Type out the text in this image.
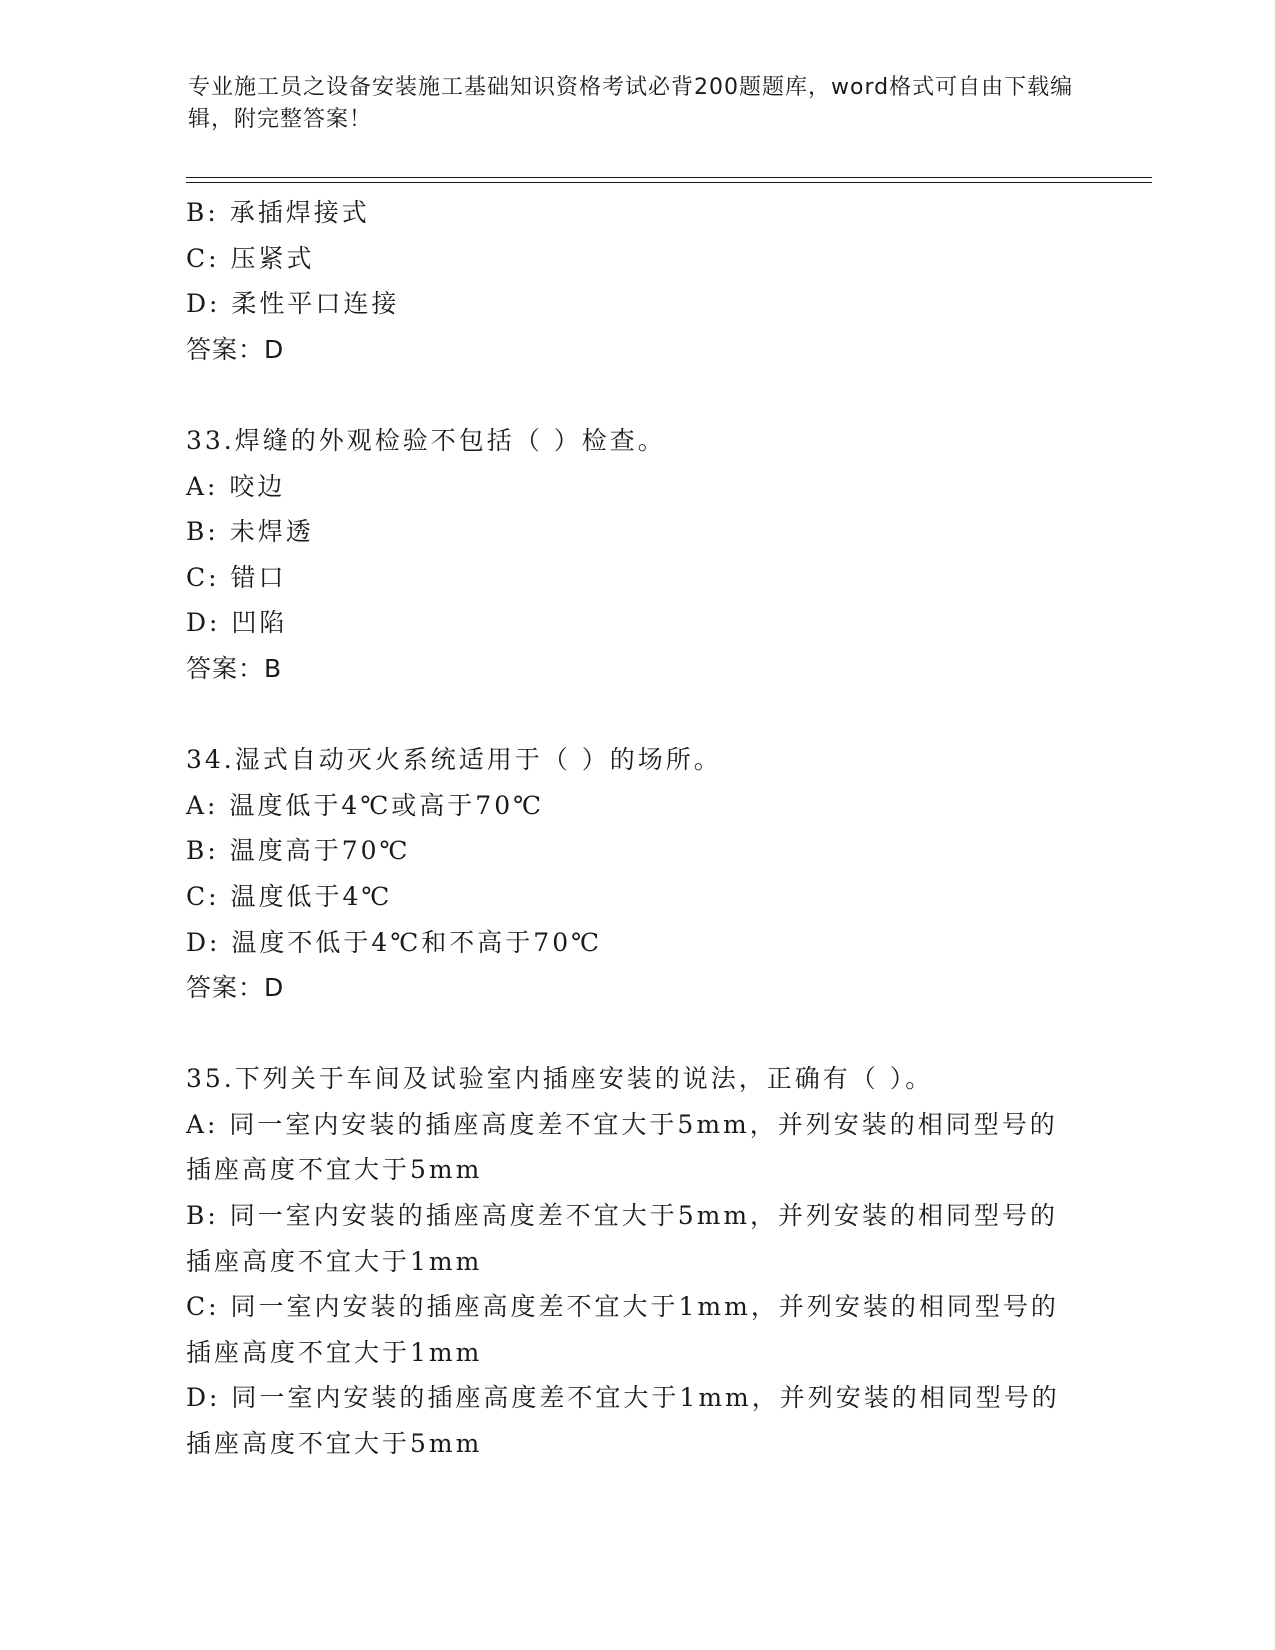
专业施工员之设备安装施工基础知识资格考试必背200题题库，word格式可自由下载编辑，附完整答案！
B: 承插焊接式
C: 压紧式
D: 柔性平口连接
答案：D
33.焊缝的外观检验不包括（ ）检查。
A: 咬边
B: 未焊透
C: 错口
D: 凹陷
答案：B
34.湿式自动灭火系统适用于（ ）的场所。
A: 温度低于4℃或高于70℃
B: 温度高于70℃
C: 温度低于4℃
D: 温度不低于4℃和不高于70℃
答案：D
35.下列关于车间及试验室内插座安装的说法，正确有（ ）。
A: 同一室内安装的插座高度差不宜大于5mm，并列安装的相同型号的
插座高度不宜大于5mm
B: 同一室内安装的插座高度差不宜大于5mm，并列安装的相同型号的
插座高度不宜大于1mm
C: 同一室内安装的插座高度差不宜大于1mm，并列安装的相同型号的
插座高度不宜大于1mm
D: 同一室内安装的插座高度差不宜大于1mm，并列安装的相同型号的
插座高度不宜大于5mm
